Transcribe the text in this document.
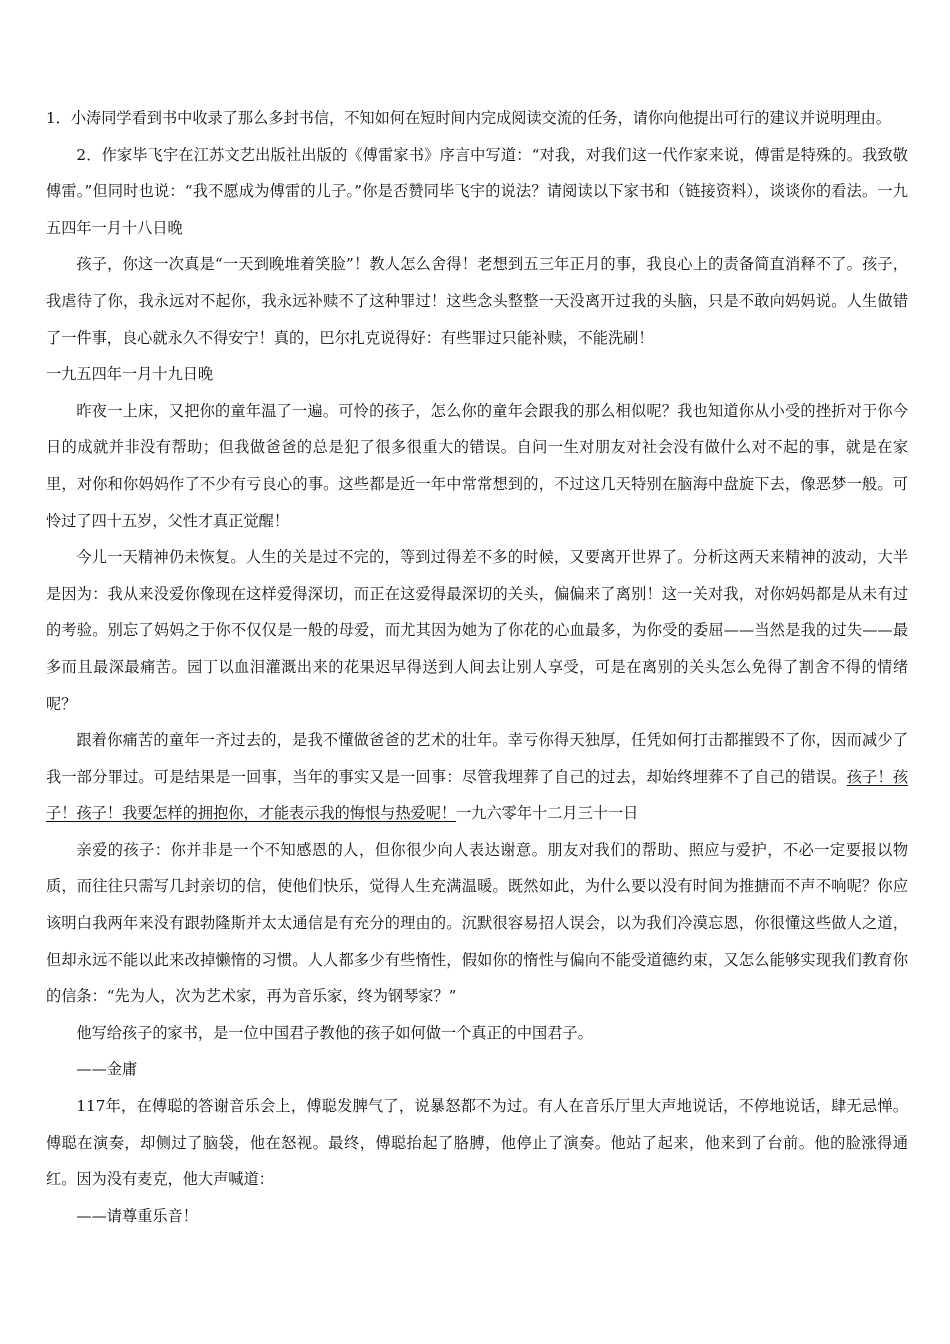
1．小涛同学看到书中收录了那么多封书信，不知如何在短时间内完成阅读交流的任务，请你向他提出可行的建议并说明理由。

2．作家毕飞宇在江苏文艺出版社出版的《傅雷家书》序言中写道：“对我，对我们这一代作家来说，傅雷是特殊的。我致敬傅雷。”但同时也说：“我不愿成为傅雷的儿子。”你是否赞同毕飞宇的说法？请阅读以下家书和（链接资料），谈谈你的看法。一九五四年一月十八日晚

孩子，你这一次真是“一天到晚堆着笑脸”！教人怎么舍得！老想到五三年正月的事，我良心上的责备简直消释不了。孩子，我虐待了你，我永远对不起你，我永远补赎不了这种罪过！这些念头整整一天没离开过我的头脑，只是不敢向妈妈说。人生做错了一件事，良心就永久不得安宁！真的，巴尔扎克说得好：有些罪过只能补赎，不能洗刷！

一九五四年一月十九日晚

昨夜一上床，又把你的童年温了一遍。可怜的孩子，怎么你的童年会跟我的那么相似呢？我也知道你从小受的挫折对于你今日的成就并非没有帮助；但我做爸爸的总是犯了很多很重大的错误。自问一生对朋友对社会没有做什么对不起的事，就是在家里，对你和你妈妈作了不少有亏良心的事。这些都是近一年中常常想到的，不过这几天特别在脑海中盘旋下去，像恶梦一般。可怜过了四十五岁，父性才真正觉醒！

今儿一天精神仍未恢复。人生的关是过不完的，等到过得差不多的时候，又要离开世界了。分析这两天来精神的波动，大半是因为：我从来没爱你像现在这样爱得深切，而正在这爱得最深切的关头，偏偏来了离别！这一关对我，对你妈妈都是从未有过的考验。别忘了妈妈之于你不仅仅是一般的母爱，而尤其因为她为了你花的心血最多，为你受的委屈——当然是我的过失——最多而且最深最痛苦。园丁以血泪灌溉出来的花果迟早得送到人间去让别人享受，可是在离别的关头怎么免得了割舍不得的情绪呢？

跟着你痛苦的童年一齐过去的，是我不懂做爸爸的艺术的壮年。幸亏你得天独厚，任凭如何打击都摧毁不了你，因而减少了我一部分罪过。可是结果是一回事，当年的事实又是一回事：尽管我埋葬了自己的过去，却始终埋葬不了自己的错误。孩子！孩子！孩子！我要怎样的拥抱你，才能表示我的悔恨与热爱呢！一九六零年十二月三十一日

亲爱的孩子：你并非是一个不知感恩的人，但你很少向人表达谢意。朋友对我们的帮助、照应与爱护，不必一定要报以物质，而往往只需写几封亲切的信，使他们快乐，觉得人生充满温暖。既然如此，为什么要以没有时间为推搪而不声不响呢？你应该明白我两年来没有跟勃隆斯并太太通信是有充分的理由的。沉默很容易招人误会，以为我们冷漠忘恩，你很懂这些做人之道，但却永远不能以此来改掉懒惰的习惯。人人都多少有些惰性，假如你的惰性与偏向不能受道德约束，又怎么能够实现我们教育你的信条：“先为人，次为艺术家，再为音乐家，终为钢琴家？”

他写给孩子的家书，是一位中国君子教他的孩子如何做一个真正的中国君子。

——金庸

117年，在傅聪的答谢音乐会上，傅聪发脾气了，说暴怒都不为过。有人在音乐厅里大声地说话，不停地说话，肆无忌惮。傅聪在演奏，却侧过了脑袋，他在怒视。最终，傅聪抬起了胳膊，他停止了演奏。他站了起来，他来到了台前。他的脸涨得通红。因为没有麦克，他大声喊道：

——请尊重乐音！
